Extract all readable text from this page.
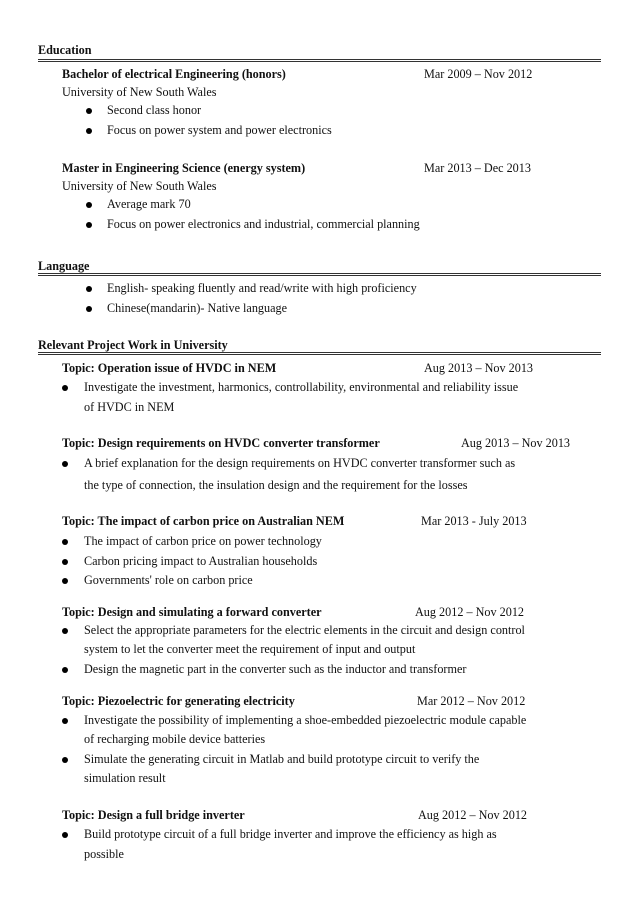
Education
Bachelor of electrical Engineering (honors)	Mar 2009 – Nov 2012
University of New South Wales
Second class honor
Focus on power system and power electronics
Master in Engineering Science (energy system)	Mar 2013 – Dec 2013
University of New South Wales
Average mark 70
Focus on power electronics and industrial, commercial planning
Language
English- speaking fluently and read/write with high proficiency
Chinese(mandarin)- Native language
Relevant Project Work in University
Topic: Operation issue of HVDC in NEM	Aug 2013 – Nov 2013
Investigate the investment, harmonics, controllability, environmental and reliability issue
of HVDC in NEM
Topic: Design requirements on HVDC converter transformer	Aug 2013 – Nov 2013
A brief explanation for the design requirements on HVDC converter transformer such as
the type of connection, the insulation design and the requirement for the losses
Topic: The impact of carbon price on Australian NEM	Mar 2013 - July 2013
The impact of carbon price on power technology
Carbon pricing impact to Australian households
Governments' role on carbon price
Topic: Design and simulating a forward converter	Aug 2012 – Nov 2012
Select the appropriate parameters for the electric elements in the circuit and design control
system to let the converter meet the requirement of input and output
Design the magnetic part in the converter such as the inductor and transformer
Topic: Piezoelectric for generating electricity	Mar 2012 – Nov 2012
Investigate the possibility of implementing a shoe-embedded piezoelectric module capable
of recharging mobile device batteries
Simulate the generating circuit in Matlab and build prototype circuit to verify the
simulation result
Topic: Design a full bridge inverter	Aug 2012 – Nov 2012
Build prototype circuit of a full bridge inverter and improve the efficiency as high as
possible
